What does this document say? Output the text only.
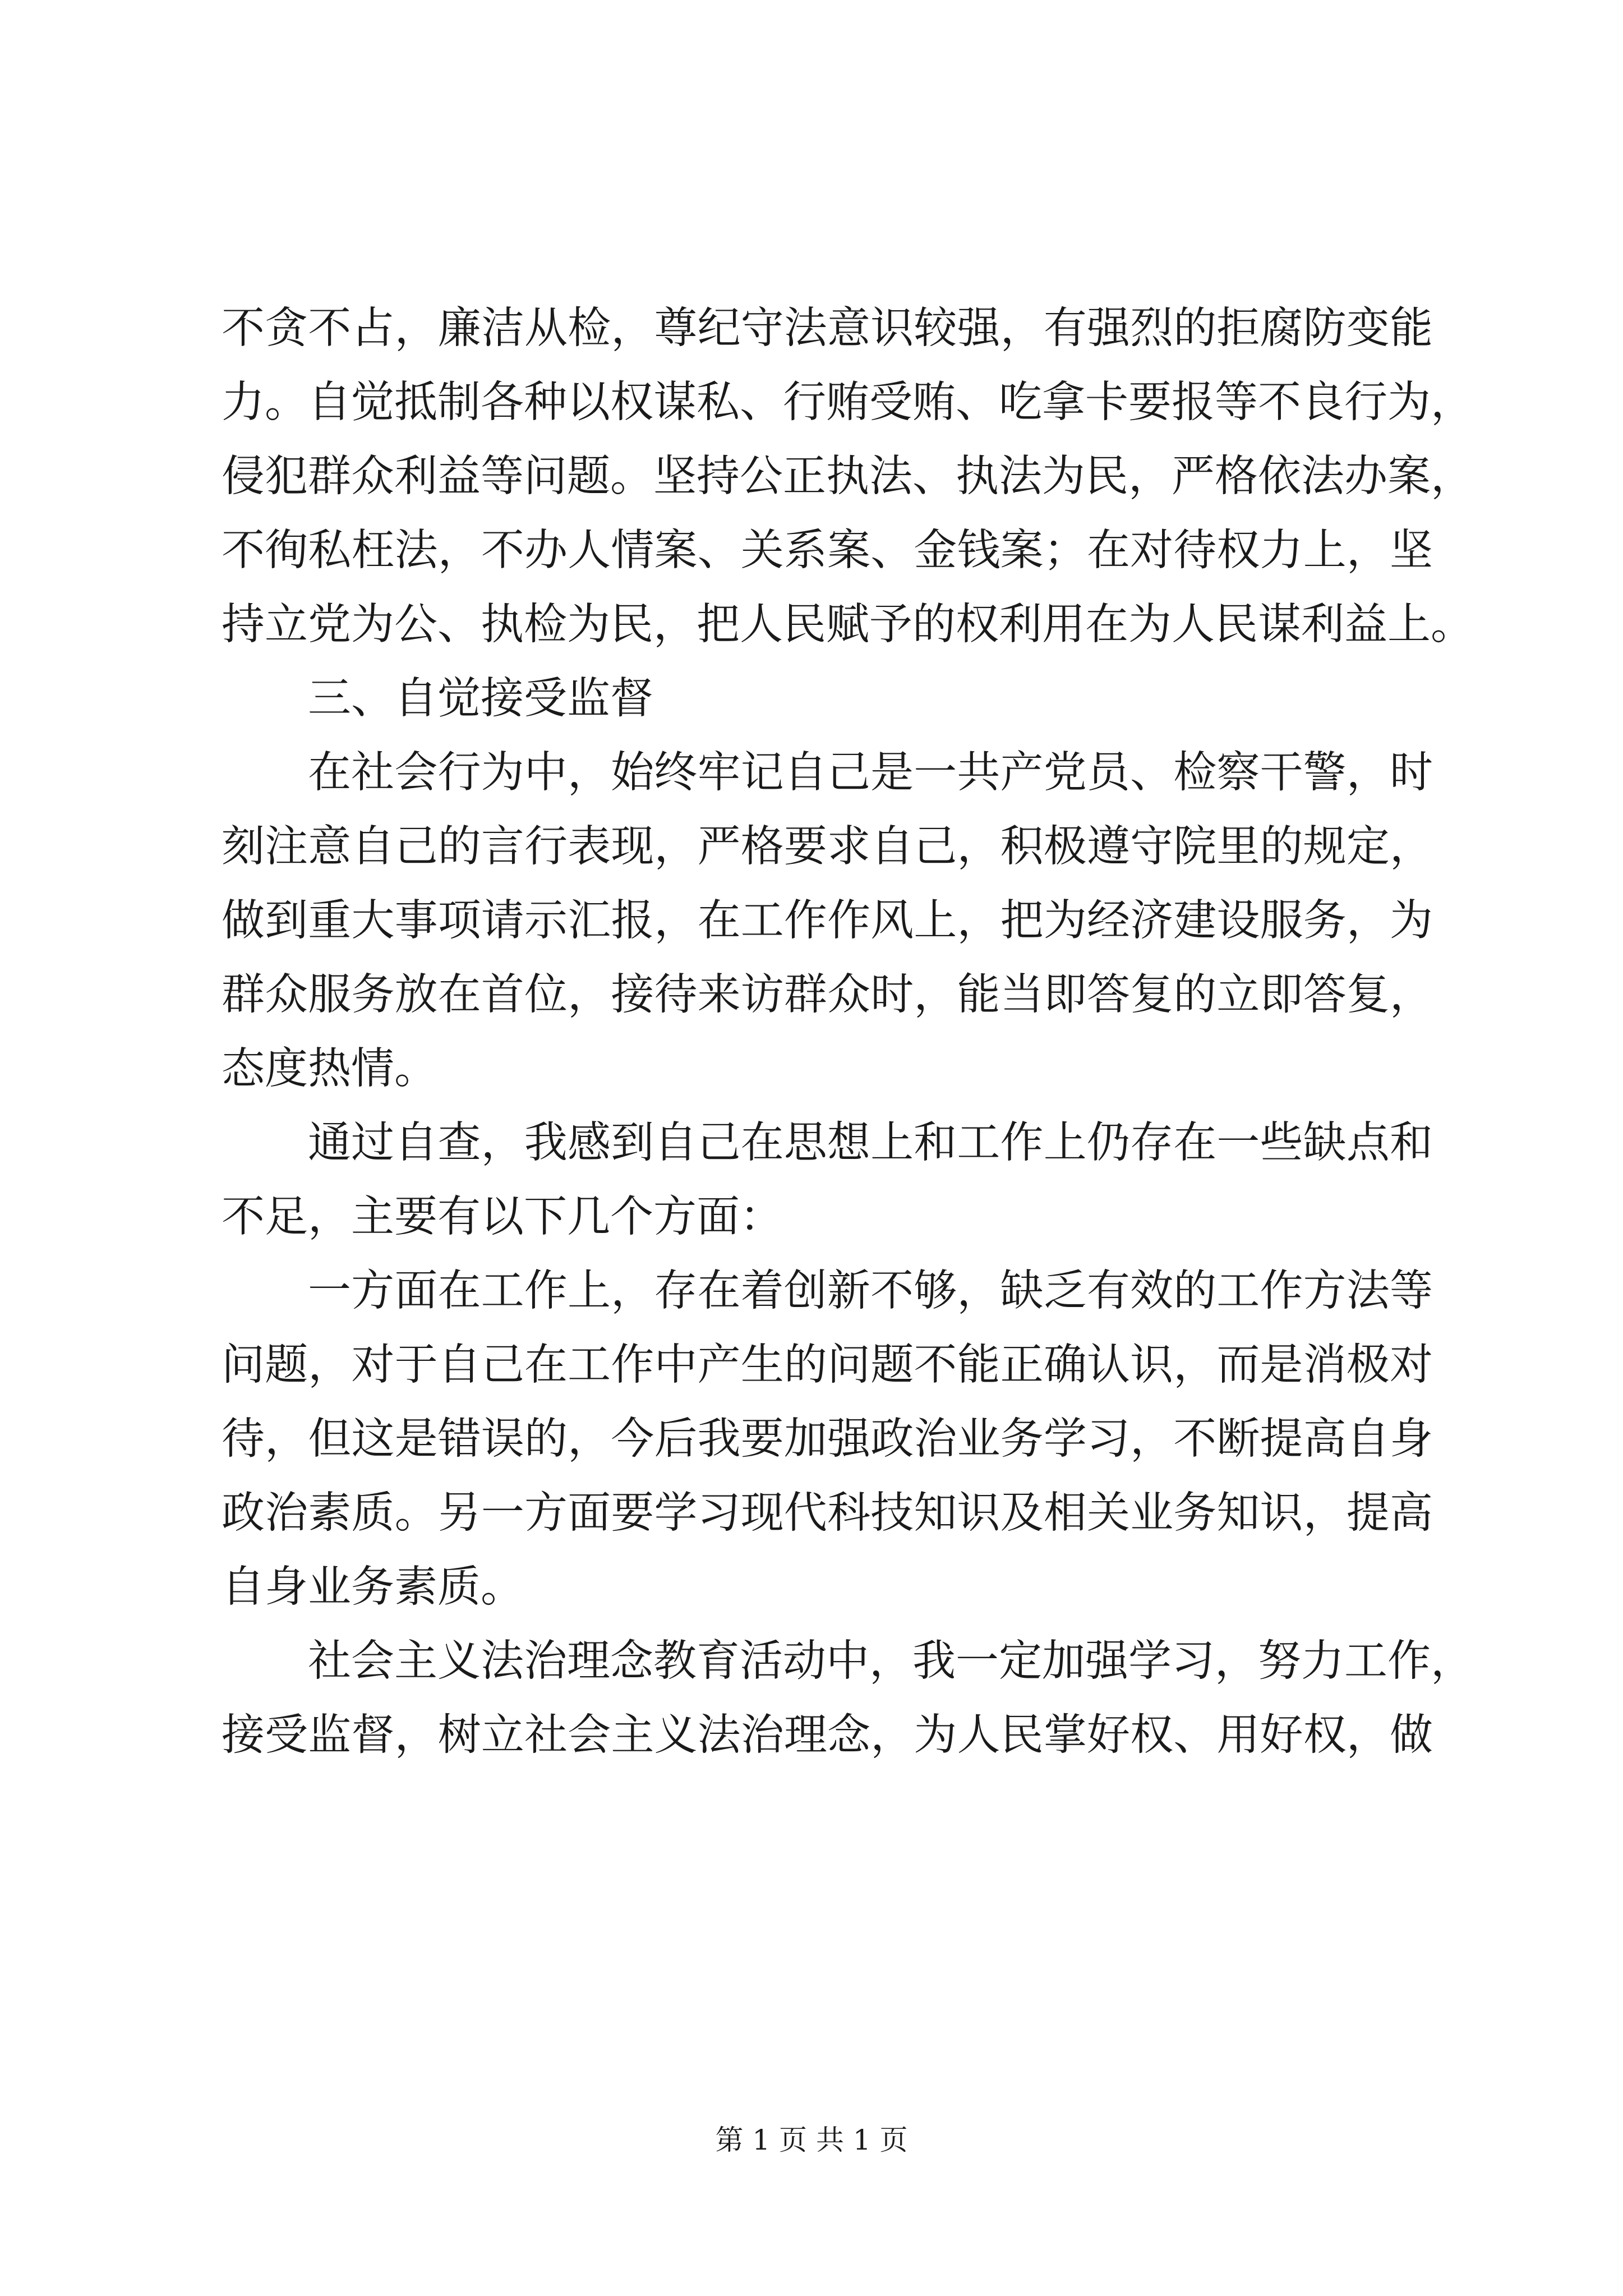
不贪不占，廉洁从检，尊纪守法意识较强，有强烈的拒腐防变能
力。自觉抵制各种以权谋私、行贿受贿、吃拿卡要报等不良行为，
侵犯群众利益等问题。坚持公正执法、执法为民，严格依法办案，
不徇私枉法，不办人情案、关系案、金钱案；在对待权力上，坚
持立党为公、执检为民，把人民赋予的权利用在为人民谋利益上。
三、自觉接受监督
在社会行为中，始终牢记自己是一共产党员、检察干警，时
刻注意自己的言行表现，严格要求自己，积极遵守院里的规定，
做到重大事项请示汇报，在工作作风上，把为经济建设服务，为
群众服务放在首位，接待来访群众时，能当即答复的立即答复，
态度热情。
通过自查，我感到自己在思想上和工作上仍存在一些缺点和
不足，主要有以下几个方面：
一方面在工作上，存在着创新不够，缺乏有效的工作方法等
问题，对于自己在工作中产生的问题不能正确认识，而是消极对
待，但这是错误的，今后我要加强政治业务学习，不断提高自身
政治素质。另一方面要学习现代科技知识及相关业务知识，提高
自身业务素质。
社会主义法治理念教育活动中，我一定加强学习，努力工作，
接受监督，树立社会主义法治理念，为人民掌好权、用好权，做
第 1 页 共 1 页
